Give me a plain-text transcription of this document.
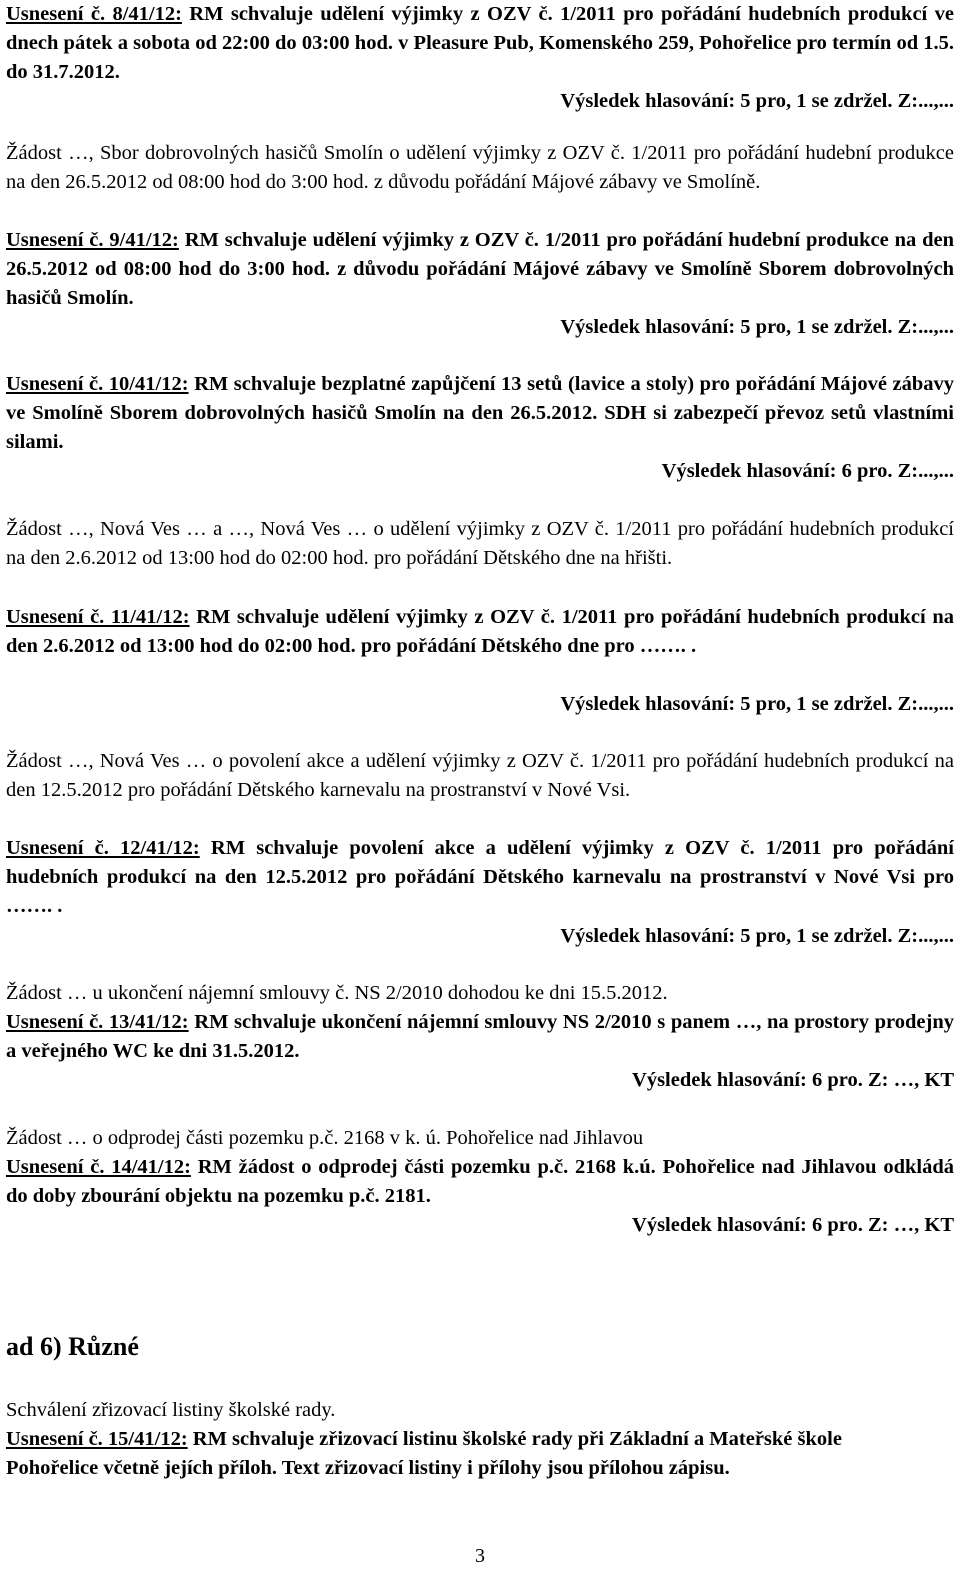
Usnesení č. 8/41/12: RM schvaluje udělení výjimky z OZV č. 1/2011 pro pořádání hudebních produkcí ve dnech pátek a sobota od 22:00 do 03:00 hod. v Pleasure Pub, Komenského 259, Pohořelice pro termín od 1.5. do 31.7.2012.
Výsledek hlasování: 5 pro, 1 se zdržel. Z:...,...
Žádost …, Sbor dobrovolných hasičů Smolín o udělení výjimky z OZV č. 1/2011 pro pořádání hudební produkce na den 26.5.2012 od 08:00 hod do 3:00 hod. z důvodu pořádání Májové zábavy ve Smolíně.
Usnesení č. 9/41/12: RM schvaluje udělení výjimky z OZV č. 1/2011 pro pořádání hudební produkce na den 26.5.2012 od 08:00 hod do 3:00 hod. z důvodu pořádání Májové zábavy ve Smolíně Sborem dobrovolných hasičů Smolín.
Výsledek hlasování: 5 pro, 1 se zdržel. Z:...,...
Usnesení č. 10/41/12: RM schvaluje bezplatné zapůjčení 13 setů (lavice a stoly) pro pořádání Májové zábavy ve Smolíně Sborem dobrovolných hasičů Smolín na den 26.5.2012. SDH si zabezpečí převoz setů vlastními silami.
Výsledek hlasování: 6 pro. Z:...,...
Žádost …, Nová Ves … a …, Nová Ves … o udělení výjimky z OZV č. 1/2011 pro pořádání hudebních produkcí na den 2.6.2012 od 13:00 hod do 02:00 hod. pro pořádání Dětského dne na hřišti.
Usnesení č. 11/41/12: RM schvaluje udělení výjimky z OZV č. 1/2011 pro pořádání hudebních produkcí na den 2.6.2012 od 13:00 hod do 02:00 hod. pro pořádání Dětského dne pro ……. .
Výsledek hlasování: 5 pro, 1 se zdržel. Z:...,...
Žádost …, Nová Ves … o povolení akce a udělení výjimky z OZV č. 1/2011 pro pořádání hudebních produkcí na den 12.5.2012 pro pořádání Dětského karnevalu na prostranství v Nové Vsi.
Usnesení č. 12/41/12: RM schvaluje povolení akce a udělení výjimky z OZV č. 1/2011 pro pořádání hudebních produkcí na den 12.5.2012 pro pořádání Dětského karnevalu na prostranství v Nové Vsi pro ……. .
Výsledek hlasování: 5 pro, 1 se zdržel. Z:...,...
Žádost … u ukončení nájemní smlouvy č. NS 2/2010 dohodou ke dni 15.5.2012.
Usnesení č. 13/41/12: RM schvaluje ukončení nájemní smlouvy NS 2/2010 s panem …, na prostory prodejny a veřejného WC ke dni 31.5.2012.
Výsledek hlasování: 6 pro. Z: …, KT
Žádost … o odprodej části pozemku p.č. 2168 v k. ú. Pohořelice nad Jihlavou
Usnesení č. 14/41/12: RM žádost o odprodej části pozemku p.č. 2168 k.ú. Pohořelice nad Jihlavou odkládá do doby zbourání objektu na pozemku p.č. 2181.
Výsledek hlasování: 6 pro. Z: …, KT
ad 6) Různé
Schválení zřizovací listiny školské rady.
Usnesení č. 15/41/12: RM schvaluje zřizovací listinu školské rady při Základní a Mateřské škole Pohořelice včetně jejích příloh. Text zřizovací listiny i přílohy jsou přílohou zápisu.
3
